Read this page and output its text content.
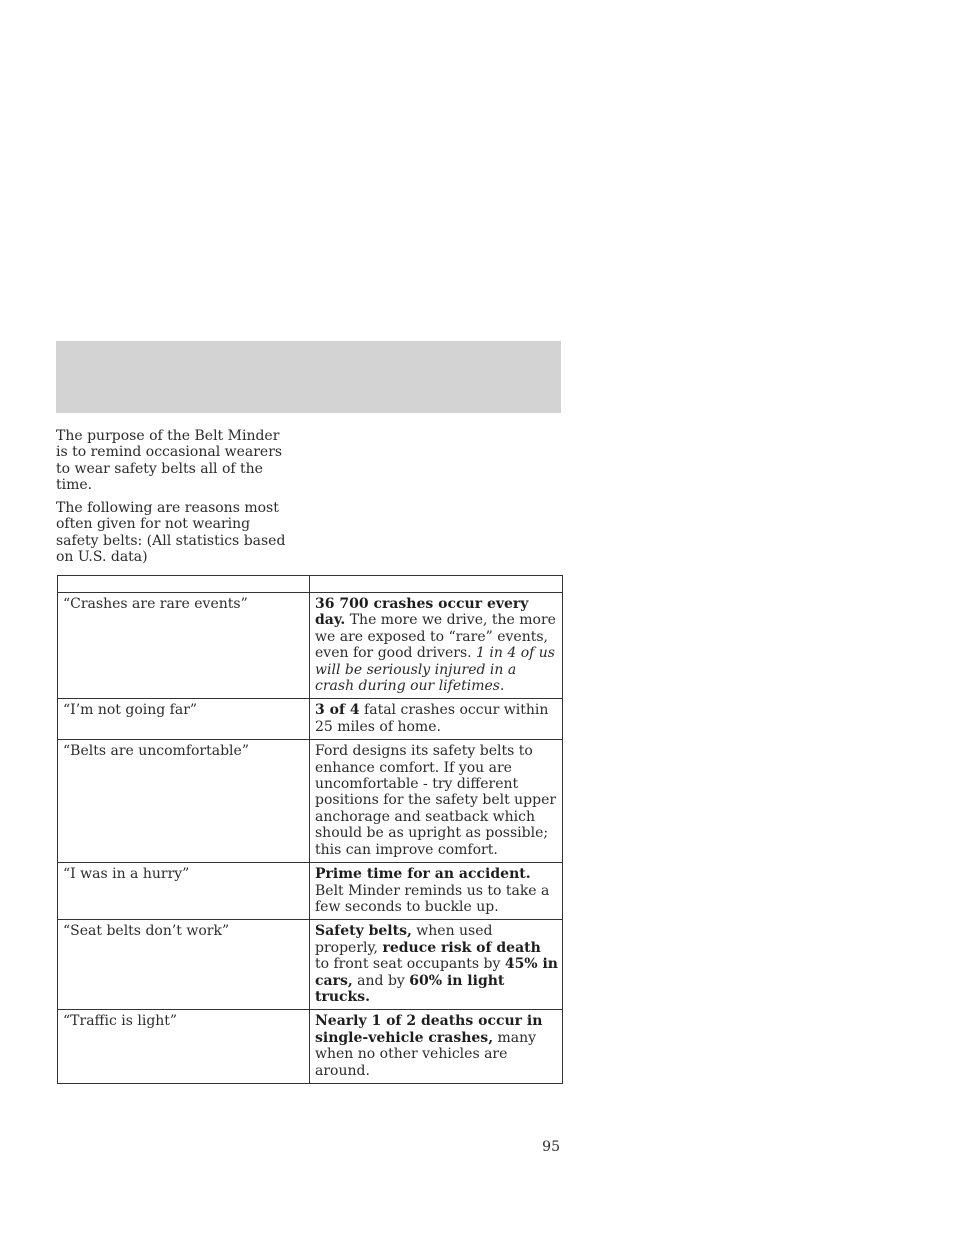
The purpose of the Belt Minder is to remind occasional wearers to wear safety belts all of the time.

The following are reasons most often given for not wearing safety belts: (All statistics based on U.S. data)

“Crashes are rare events”	36 700 crashes occur every day. The more we drive, the more we are exposed to “rare” events, even for good drivers. 1 in 4 of us will be seriously injured in a crash during our lifetimes.
“I’m not going far”	3 of 4 fatal crashes occur within 25 miles of home.
“Belts are uncomfortable”	Ford designs its safety belts to enhance comfort. If you are uncomfortable - try different positions for the safety belt upper anchorage and seatback which should be as upright as possible; this can improve comfort.
“I was in a hurry”	Prime time for an accident. Belt Minder reminds us to take a few seconds to buckle up.
“Seat belts don’t work”	Safety belts, when used properly, reduce risk of death to front seat occupants by 45% in cars, and by 60% in light trucks.
“Traffic is light”	Nearly 1 of 2 deaths occur in single-vehicle crashes, many when no other vehicles are around.
95
